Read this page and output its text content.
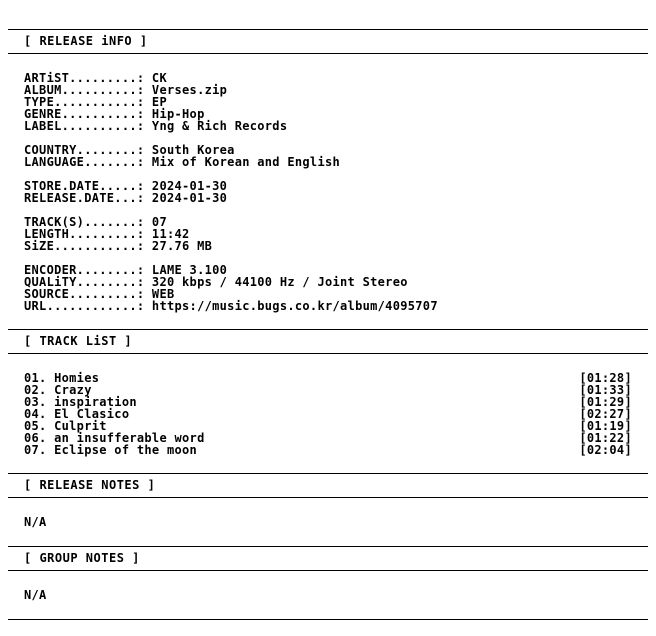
[ RELEASE iNFO ]
ARTiST.........: CK
ALBUM..........: Verses.zip
TYPE...........: EP
GENRE..........: Hip-Hop
LABEL..........: Yng & Rich Records
COUNTRY........: South Korea
LANGUAGE.......: Mix of Korean and English
STORE.DATE.....: 2024-01-30
RELEASE.DATE...: 2024-01-30
TRACK(S).......: 07
LENGTH.........: 11:42
SiZE...........: 27.76 MB
ENCODER........: LAME 3.100
QUALiTY........: 320 kbps / 44100 Hz / Joint Stereo
SOURCE.........: WEB
URL............: https://music.bugs.co.kr/album/4095707
[ TRACK LiST ]
01. Homies	[01:28]
02. Crazy	[01:33]
03. inspiration	[01:29]
04. El Clasico	[02:27]
05. Culprit	[01:19]
06. an insufferable word	[01:22]
07. Eclipse of the moon	[02:04]
[ RELEASE NOTES ]
N/A
[ GROUP NOTES ]
N/A
